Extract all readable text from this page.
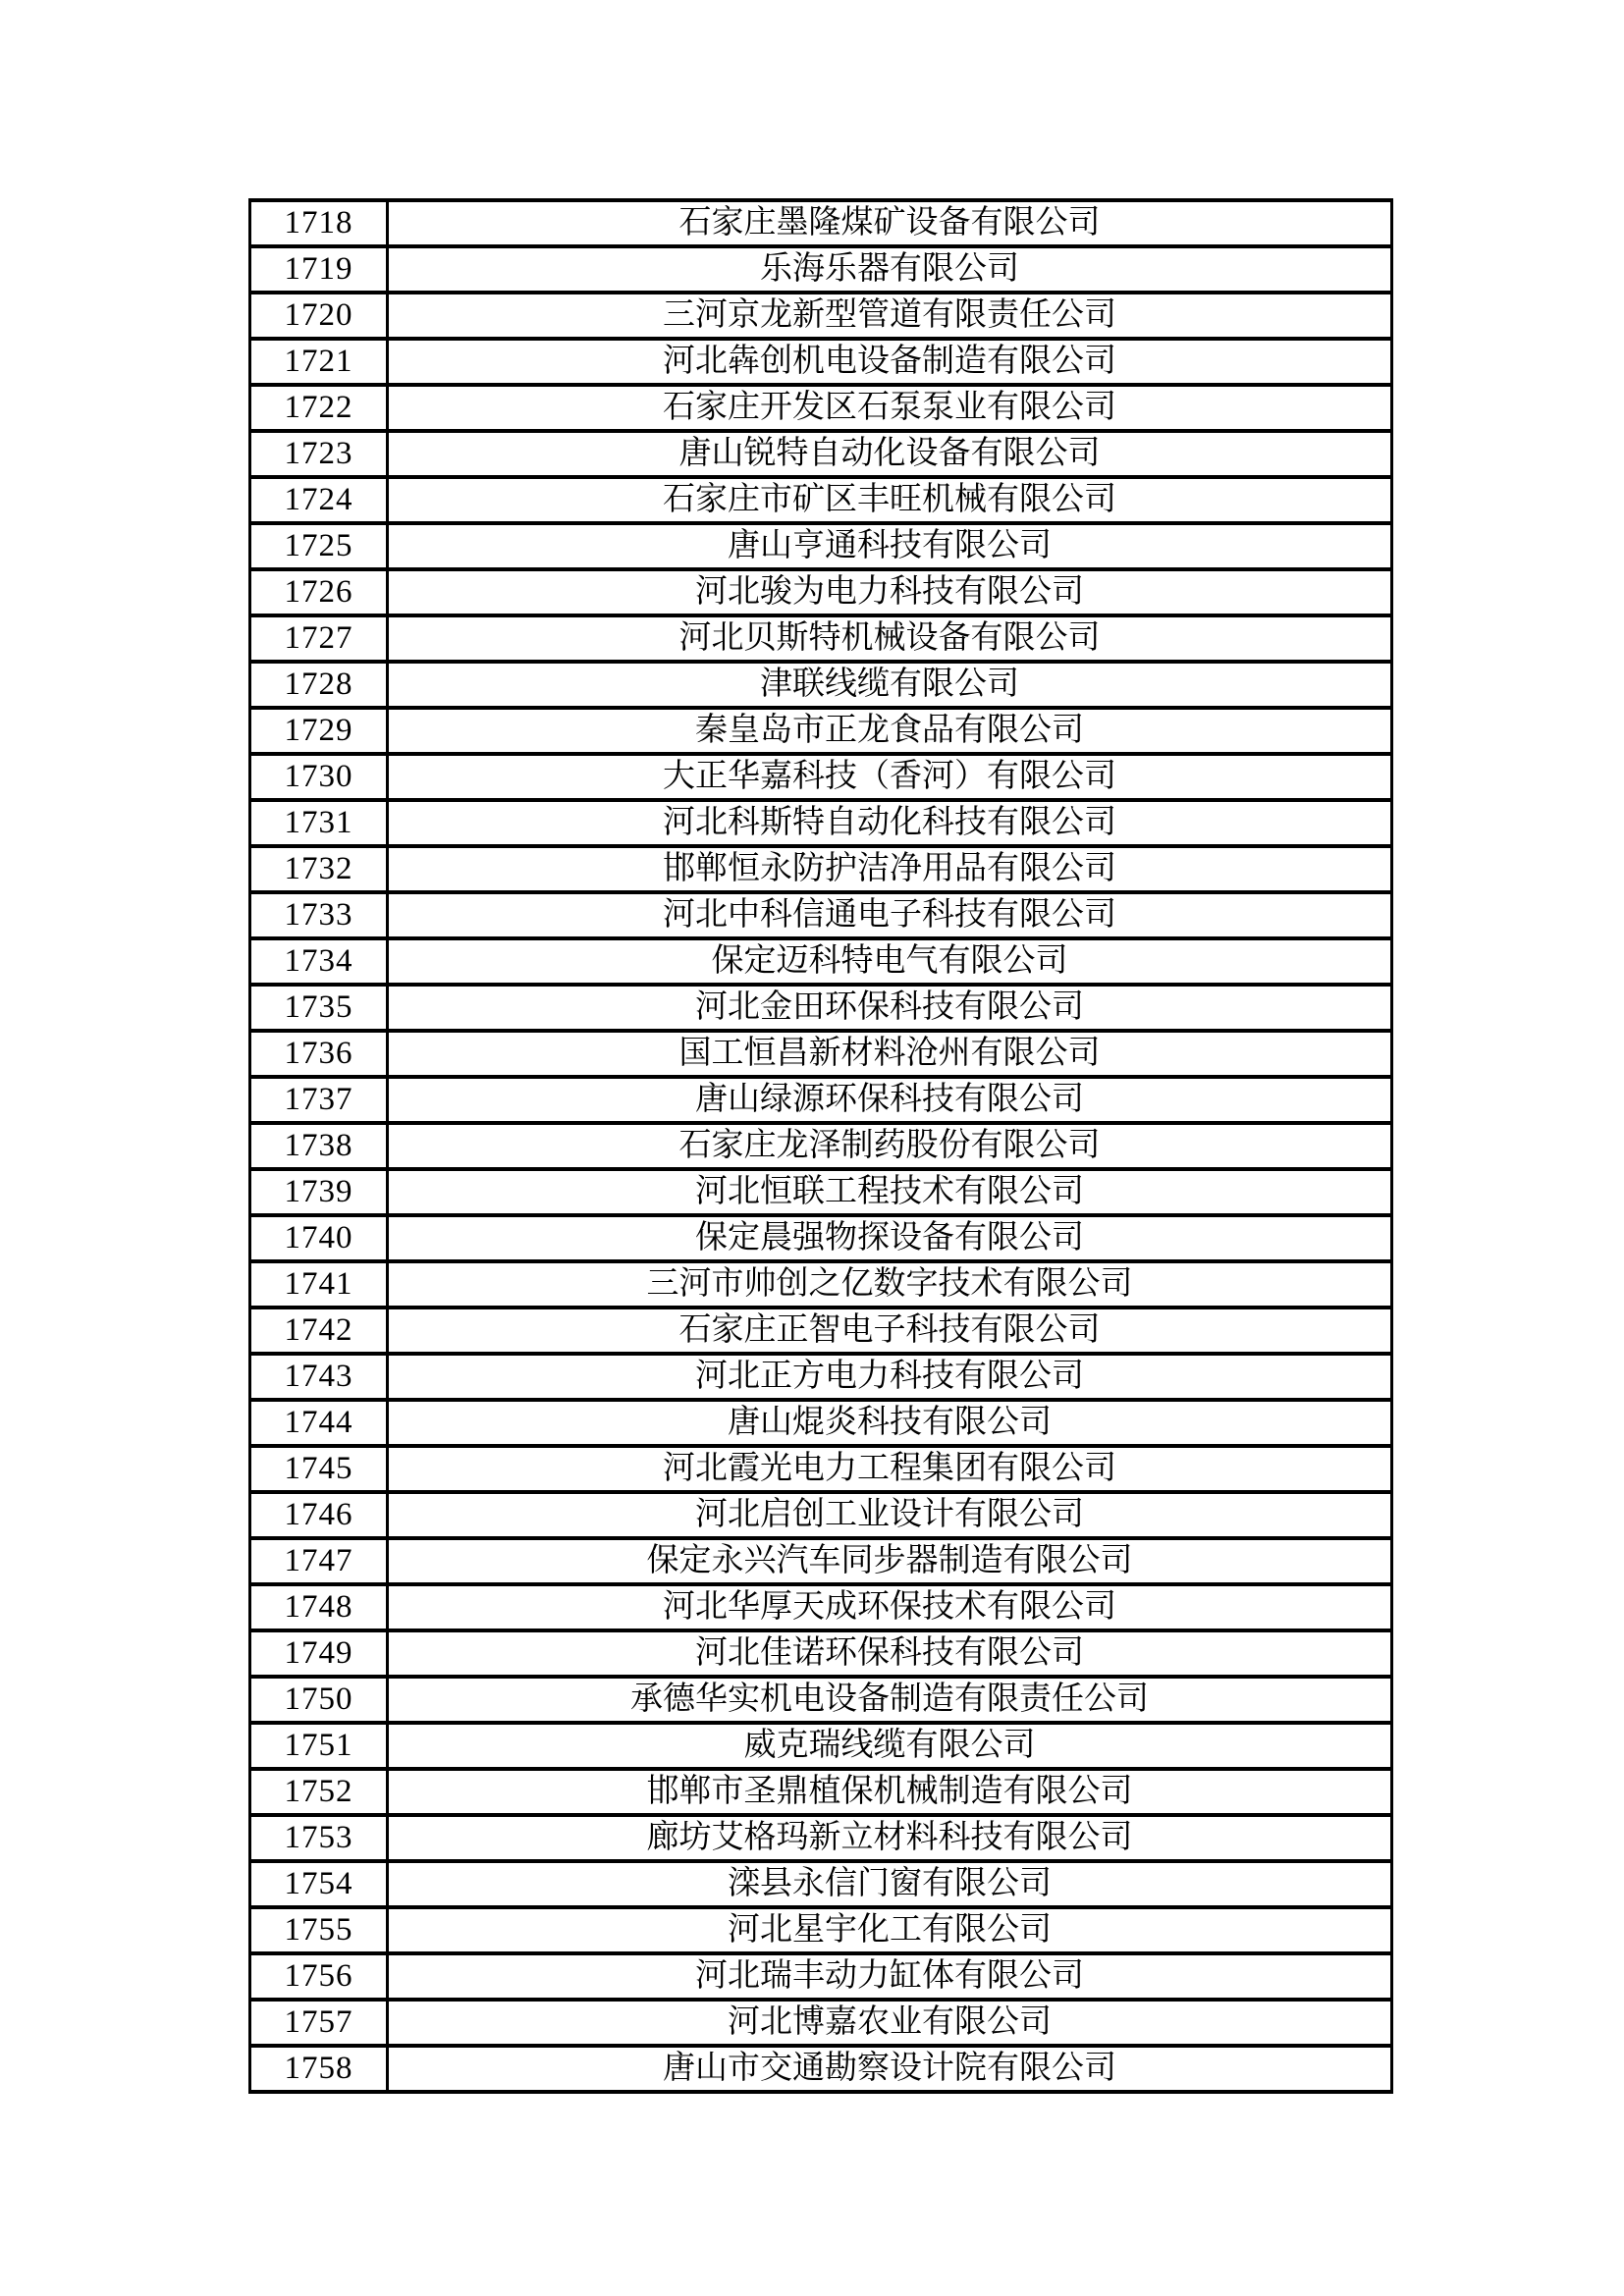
1718	石家庄墨隆煤矿设备有限公司
1719	乐海乐器有限公司
1720	三河京龙新型管道有限责任公司
1721	河北犇创机电设备制造有限公司
1722	石家庄开发区石泵泵业有限公司
1723	唐山锐特自动化设备有限公司
1724	石家庄市矿区丰旺机械有限公司
1725	唐山亨通科技有限公司
1726	河北骏为电力科技有限公司
1727	河北贝斯特机械设备有限公司
1728	津联线缆有限公司
1729	秦皇岛市正龙食品有限公司
1730	大正华嘉科技（香河）有限公司
1731	河北科斯特自动化科技有限公司
1732	邯郸恒永防护洁净用品有限公司
1733	河北中科信通电子科技有限公司
1734	保定迈科特电气有限公司
1735	河北金田环保科技有限公司
1736	国工恒昌新材料沧州有限公司
1737	唐山绿源环保科技有限公司
1738	石家庄龙泽制药股份有限公司
1739	河北恒联工程技术有限公司
1740	保定晨强物探设备有限公司
1741	三河市帅创之亿数字技术有限公司
1742	石家庄正智电子科技有限公司
1743	河北正方电力科技有限公司
1744	唐山焜炎科技有限公司
1745	河北霞光电力工程集团有限公司
1746	河北启创工业设计有限公司
1747	保定永兴汽车同步器制造有限公司
1748	河北华厚天成环保技术有限公司
1749	河北佳诺环保科技有限公司
1750	承德华实机电设备制造有限责任公司
1751	威克瑞线缆有限公司
1752	邯郸市圣鼎植保机械制造有限公司
1753	廊坊艾格玛新立材料科技有限公司
1754	滦县永信门窗有限公司
1755	河北星宇化工有限公司
1756	河北瑞丰动力缸体有限公司
1757	河北博嘉农业有限公司
1758	唐山市交通勘察设计院有限公司
